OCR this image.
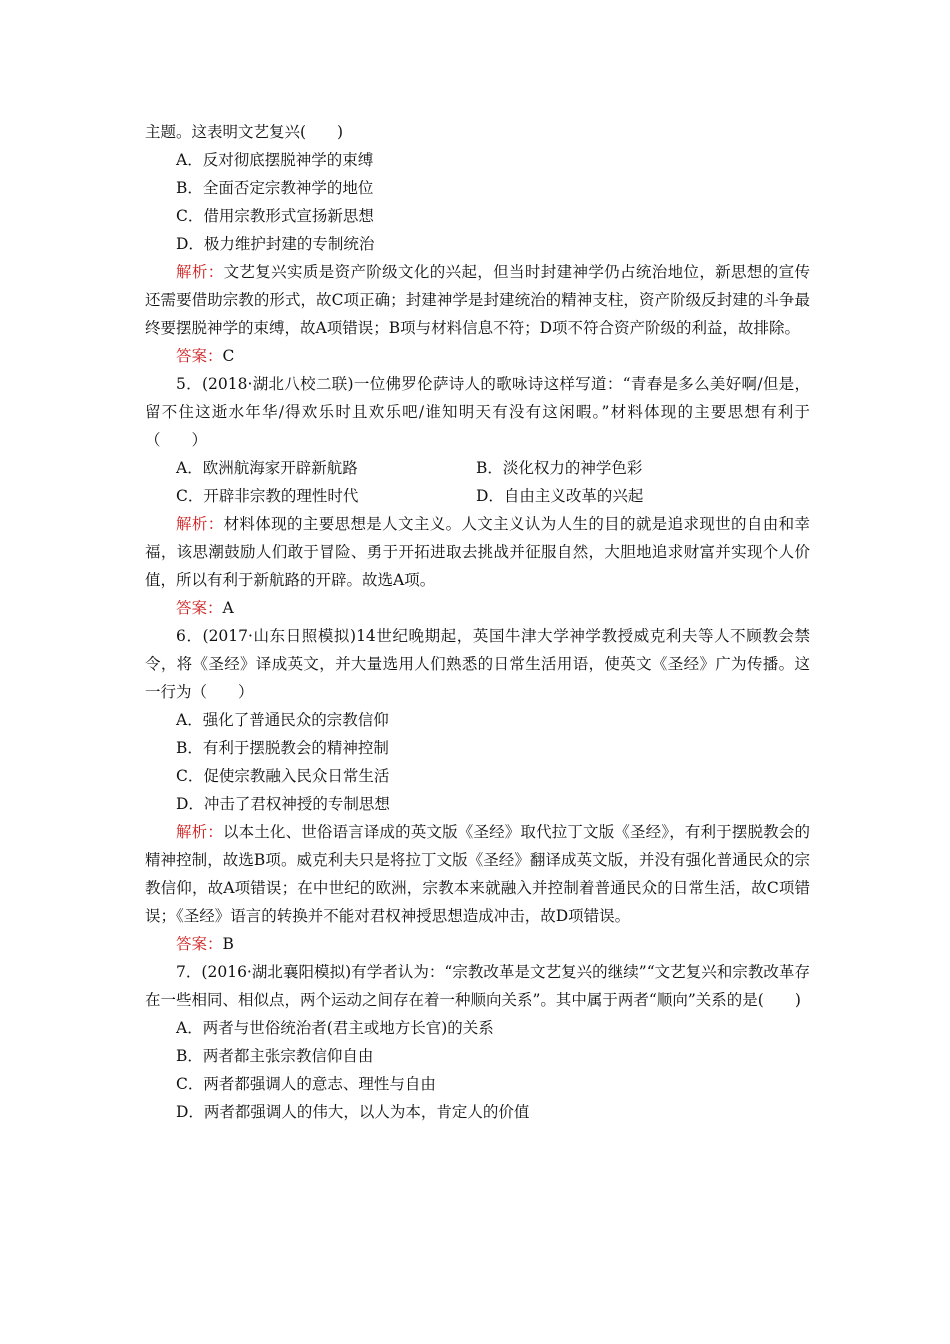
主题。这表明文艺复兴(　　)

A．反对彻底摆脱神学的束缚

B．全面否定宗教神学的地位

C．借用宗教形式宣扬新思想

D．极力维护封建的专制统治

解析：文艺复兴实质是资产阶级文化的兴起，但当时封建神学仍占统治地位，新思想的宣传还需要借助宗教的形式，故C项正确；封建神学是封建统治的精神支柱，资产阶级反封建的斗争最终要摆脱神学的束缚，故A项错误；B项与材料信息不符；D项不符合资产阶级的利益，故排除。

答案：C

5．(2018·湖北八校二联)一位佛罗伦萨诗人的歌咏诗这样写道：“青春是多么美好啊/但是，留不住这逝水年华/得欢乐时且欢乐吧/谁知明天有没有这闲暇。”材料体现的主要思想有利于（　　）

A．欧洲航海家开辟新航路	B．淡化权力的神学色彩
C．开辟非宗教的理性时代	D．自由主义改革的兴起

解析：材料体现的主要思想是人文主义。人文主义认为人生的目的就是追求现世的自由和幸福，该思潮鼓励人们敢于冒险、勇于开拓进取去挑战并征服自然，大胆地追求财富并实现个人价值，所以有利于新航路的开辟。故选A项。

答案：A

6．(2017·山东日照模拟)14世纪晚期起，英国牛津大学神学教授威克利夫等人不顾教会禁令，将《圣经》译成英文，并大量选用人们熟悉的日常生活用语，使英文《圣经》广为传播。这一行为（　　）

A．强化了普通民众的宗教信仰

B．有利于摆脱教会的精神控制

C．促使宗教融入民众日常生活

D．冲击了君权神授的专制思想

解析：以本土化、世俗语言译成的英文版《圣经》取代拉丁文版《圣经》，有利于摆脱教会的精神控制，故选B项。威克利夫只是将拉丁文版《圣经》翻译成英文版，并没有强化普通民众的宗教信仰，故A项错误；在中世纪的欧洲，宗教本来就融入并控制着普通民众的日常生活，故C项错误；《圣经》语言的转换并不能对君权神授思想造成冲击，故D项错误。

答案：B

7．(2016·湖北襄阳模拟)有学者认为：“宗教改革是文艺复兴的继续”“文艺复兴和宗教改革存在一些相同、相似点，两个运动之间存在着一种顺向关系”。其中属于两者“顺向”关系的是(　　)

A．两者与世俗统治者(君主或地方长官)的关系

B．两者都主张宗教信仰自由

C．两者都强调人的意志、理性与自由

D．两者都强调人的伟大，以人为本，肯定人的价值
